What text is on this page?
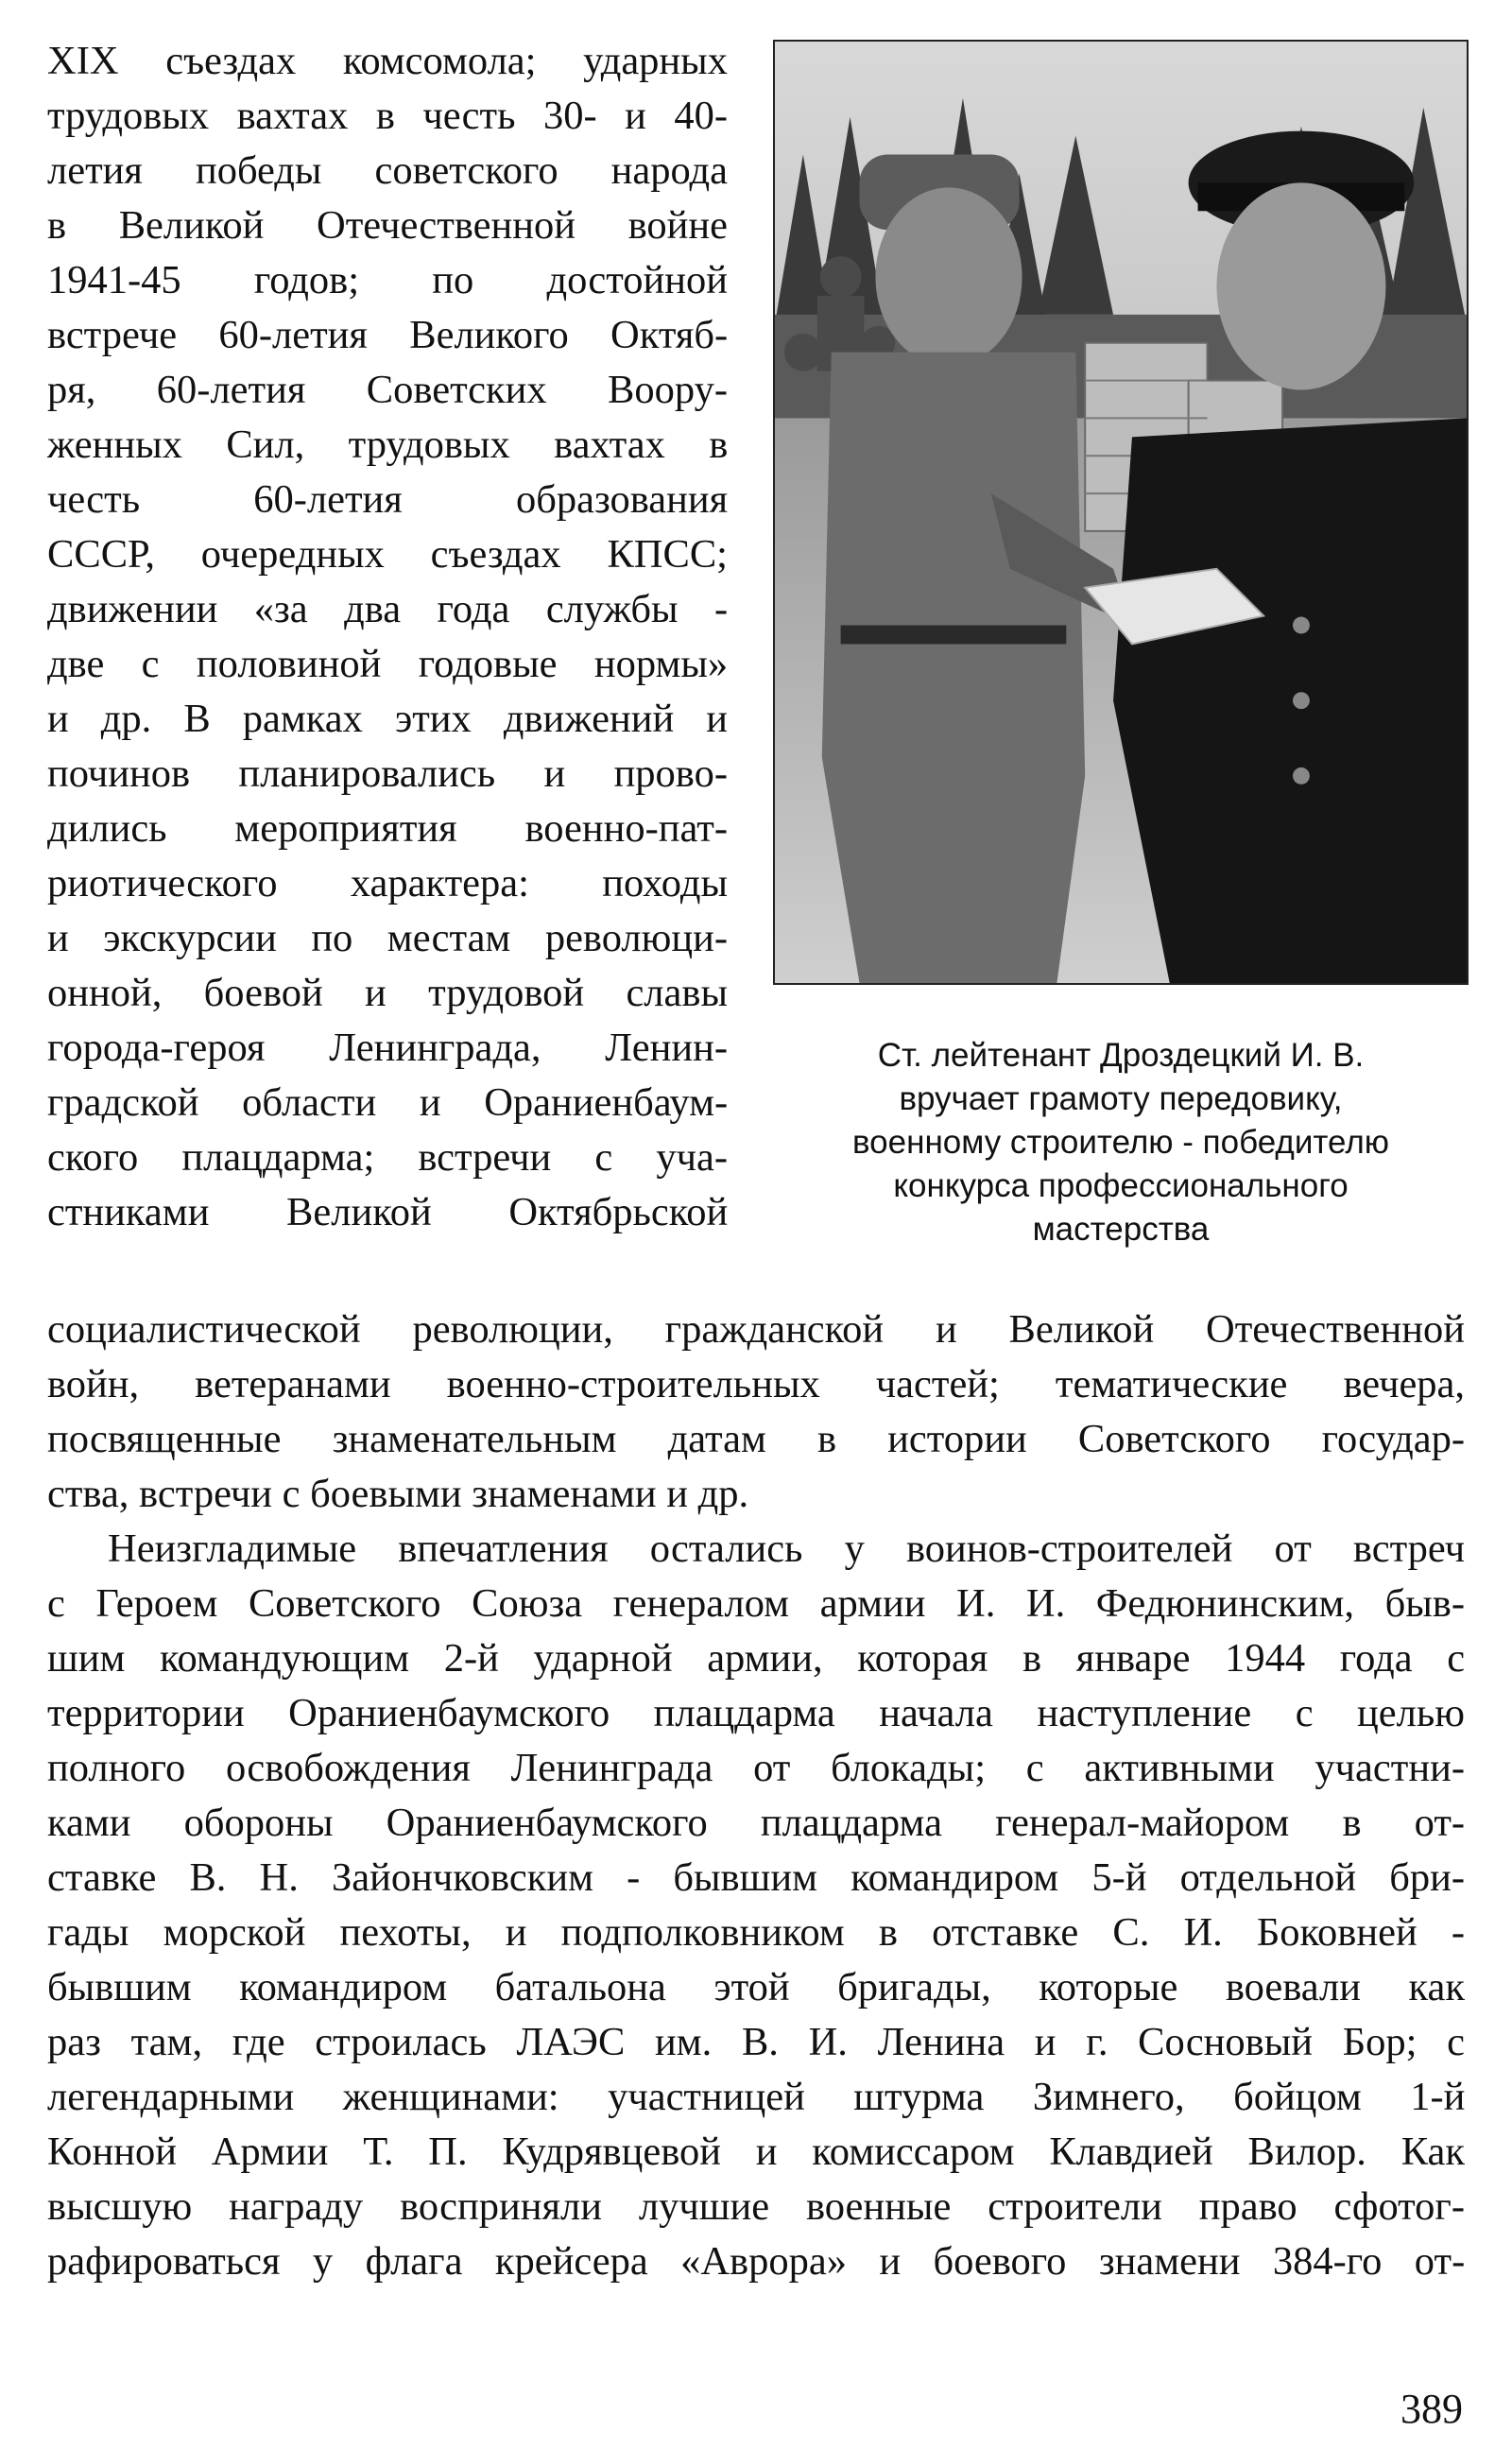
XIX съездах комсомола; ударных
трудовых вахтах в честь 30- и 40-
летия победы советского народа
в Великой Отечественной войне
1941-45 годов; по достойной
встрече 60-летия Великого Октяб-
ря, 60-летия Советских Воору-
женных Сил, трудовых вахтах в
честь 60-летия образования
СССР, очередных съездах КПСС;
движении «за два года службы -
две с половиной годовые нормы»
и др. В рамках этих движений и
починов планировались и прово-
дились мероприятия военно-пат-
риотического характера: походы
и экскурсии по местам революци-
онной, боевой и трудовой славы
города-героя Ленинграда, Ленин-
градской области и Ораниенбаум-
ского плацдарма; встречи с уча-
стниками Великой Октябрьской
Ст. лейтенант Дроздецкий И. В.
вручает грамоту передовику,
военному строителю - победителю
конкурса профессионального
мастерства
социалистической революции, гражданской и Великой Отечественной
войн, ветеранами военно-строительных частей; тематические вечера,
посвященные знаменательным датам в истории Советского государ-
ства, встречи с боевыми знаменами и др.
Неизгладимые впечатления остались у воинов-строителей от встреч
с Героем Советского Союза генералом армии И. И. Федюнинским, быв-
шим командующим 2-й ударной армии, которая в январе 1944 года с
территории Ораниенбаумского плацдарма начала наступление с целью
полного освобождения Ленинграда от блокады; с активными участни-
ками обороны Ораниенбаумского плацдарма генерал-майором в от-
ставке В. Н. Зайончковским - бывшим командиром 5-й отдельной бри-
гады морской пехоты, и подполковником в отставке С. И. Боковней -
бывшим командиром батальона этой бригады, которые воевали как
раз там, где строилась ЛАЭС им. В. И. Ленина и г. Сосновый Бор; с
легендарными женщинами: участницей штурма Зимнего, бойцом 1-й
Конной Армии Т. П. Кудрявцевой и комиссаром Клавдией Вилор. Как
высшую награду восприняли лучшие военные строители право сфотог-
рафироваться у флага крейсера «Аврора» и боевого знамени 384-го от-
389
